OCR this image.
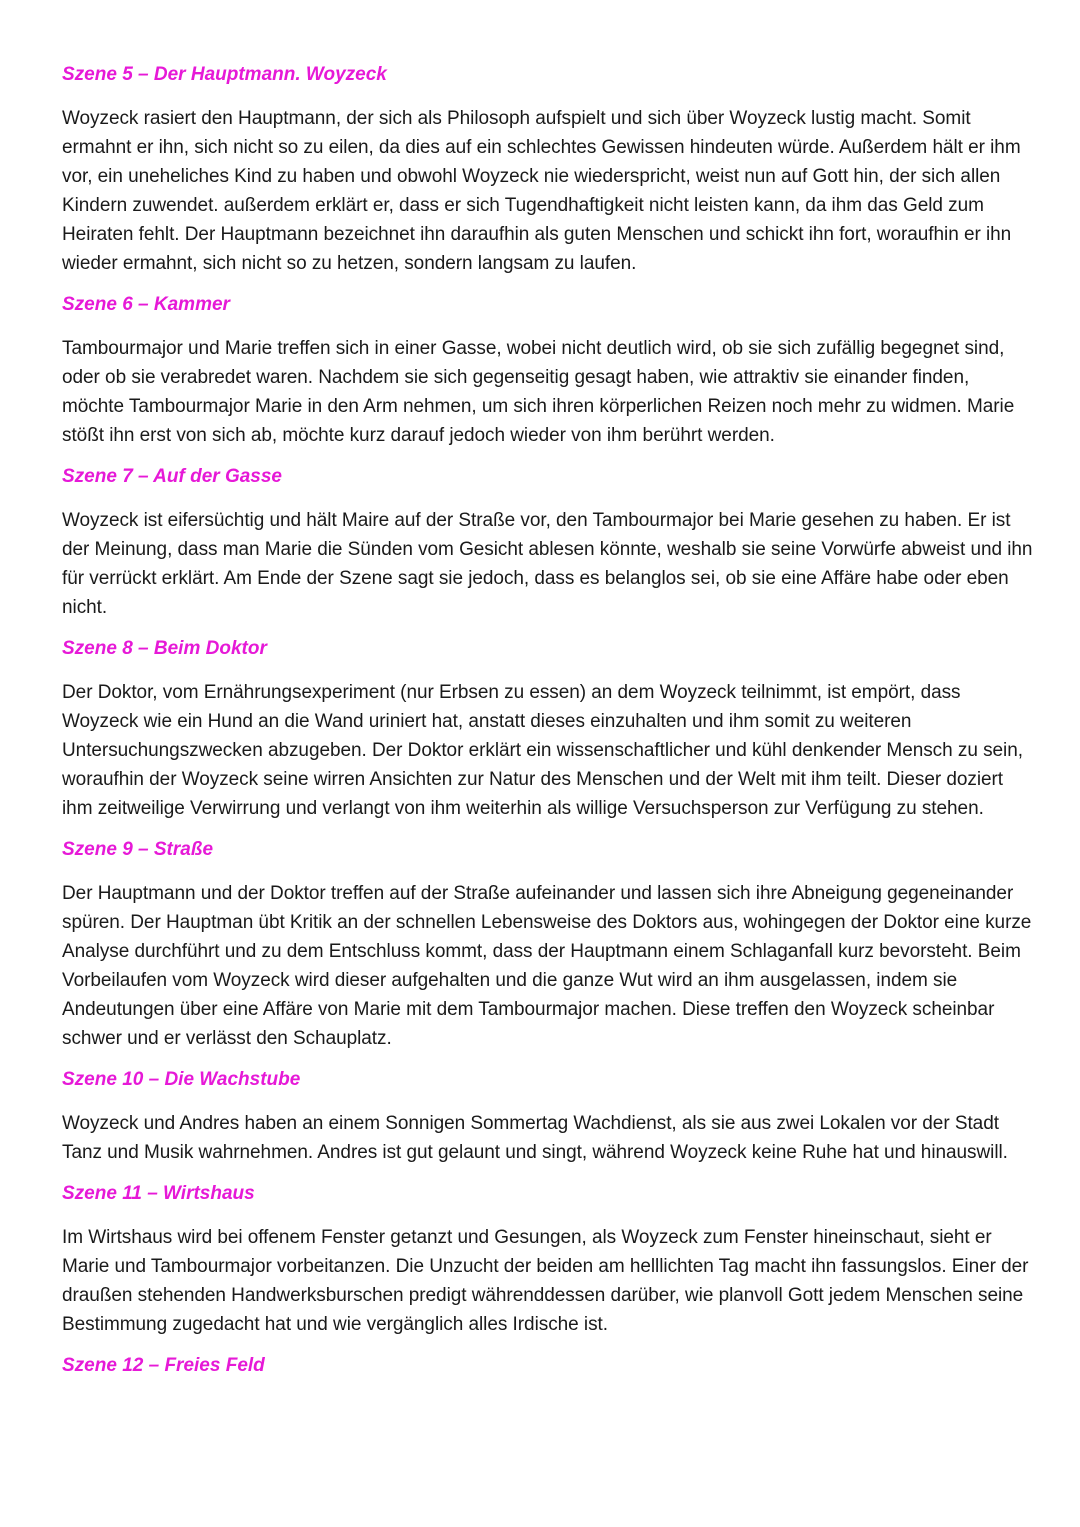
Szene 5 – Der Hauptmann. Woyzeck

Woyzeck rasiert den Hauptmann, der sich als Philosoph aufspielt und sich über Woyzeck lustig macht. Somit ermahnt er ihn, sich nicht so zu eilen, da dies auf ein schlechtes Gewissen hindeuten würde. Außerdem hält er ihm vor, ein uneheliches Kind zu haben und obwohl Woyzeck nie wiederspricht, weist nun auf Gott hin, der sich allen Kindern zuwendet. außerdem erklärt er, dass er sich Tugendhaftigkeit nicht leisten kann, da ihm das Geld zum Heiraten fehlt. Der Hauptmann bezeichnet ihn daraufhin als guten Menschen und schickt ihn fort, woraufhin er ihn wieder ermahnt, sich nicht so zu hetzen, sondern langsam zu laufen.

Szene 6 – Kammer

Tambourmajor und Marie treffen sich in einer Gasse, wobei nicht deutlich wird, ob sie sich zufällig begegnet sind, oder ob sie verabredet waren. Nachdem sie sich gegenseitig gesagt haben, wie attraktiv sie einander finden, möchte Tambourmajor Marie in den Arm nehmen, um sich ihren körperlichen Reizen noch mehr zu widmen. Marie stößt ihn erst von sich ab, möchte kurz darauf jedoch wieder von ihm berührt werden.

Szene 7 – Auf der Gasse

Woyzeck ist eifersüchtig und hält Maire auf der Straße vor, den Tambourmajor bei Marie gesehen zu haben. Er ist der Meinung, dass man Marie die Sünden vom Gesicht ablesen könnte, weshalb sie seine Vorwürfe abweist und ihn für verrückt erklärt. Am Ende der Szene sagt sie jedoch, dass es belanglos sei, ob sie eine Affäre habe oder eben nicht.

Szene 8 – Beim Doktor

Der Doktor, vom Ernährungsexperiment (nur Erbsen zu essen) an dem Woyzeck teilnimmt, ist empört, dass Woyzeck wie ein Hund an die Wand uriniert hat, anstatt dieses einzuhalten und ihm somit zu weiteren Untersuchungszwecken abzugeben. Der Doktor erklärt ein wissenschaftlicher und kühl denkender Mensch zu sein, woraufhin der Woyzeck seine wirren Ansichten zur Natur des Menschen und der Welt mit ihm teilt. Dieser doziert ihm zeitweilige Verwirrung und verlangt von ihm weiterhin als willige Versuchsperson zur Verfügung zu stehen.

Szene 9 – Straße

Der Hauptmann und der Doktor treffen auf der Straße aufeinander und lassen sich ihre Abneigung gegeneinander spüren. Der Hauptman übt Kritik an der schnellen Lebensweise des Doktors aus, wohingegen der Doktor eine kurze Analyse durchführt und zu dem Entschluss kommt, dass der Hauptmann einem Schlaganfall kurz bevorsteht. Beim Vorbeilaufen vom Woyzeck wird dieser aufgehalten und die ganze Wut wird an ihm ausgelassen, indem sie Andeutungen über eine Affäre von Marie mit dem Tambourmajor machen. Diese treffen den Woyzeck scheinbar schwer und er verlässt den Schauplatz.

Szene 10 – Die Wachstube

Woyzeck und Andres haben an einem Sonnigen Sommertag Wachdienst, als sie aus zwei Lokalen vor der Stadt Tanz und Musik wahrnehmen. Andres ist gut gelaunt und singt, während Woyzeck keine Ruhe hat und hinauswill.

Szene 11 – Wirtshaus

Im Wirtshaus wird bei offenem Fenster getanzt und Gesungen, als Woyzeck zum Fenster hineinschaut, sieht er Marie und Tambourmajor vorbeitanzen. Die Unzucht der beiden am helllichten Tag macht ihn fassungslos. Einer der draußen stehenden Handwerksburschen predigt währenddessen darüber, wie planvoll Gott jedem Menschen seine Bestimmung zugedacht hat und wie vergänglich alles Irdische ist.

Szene 12 – Freies Feld
